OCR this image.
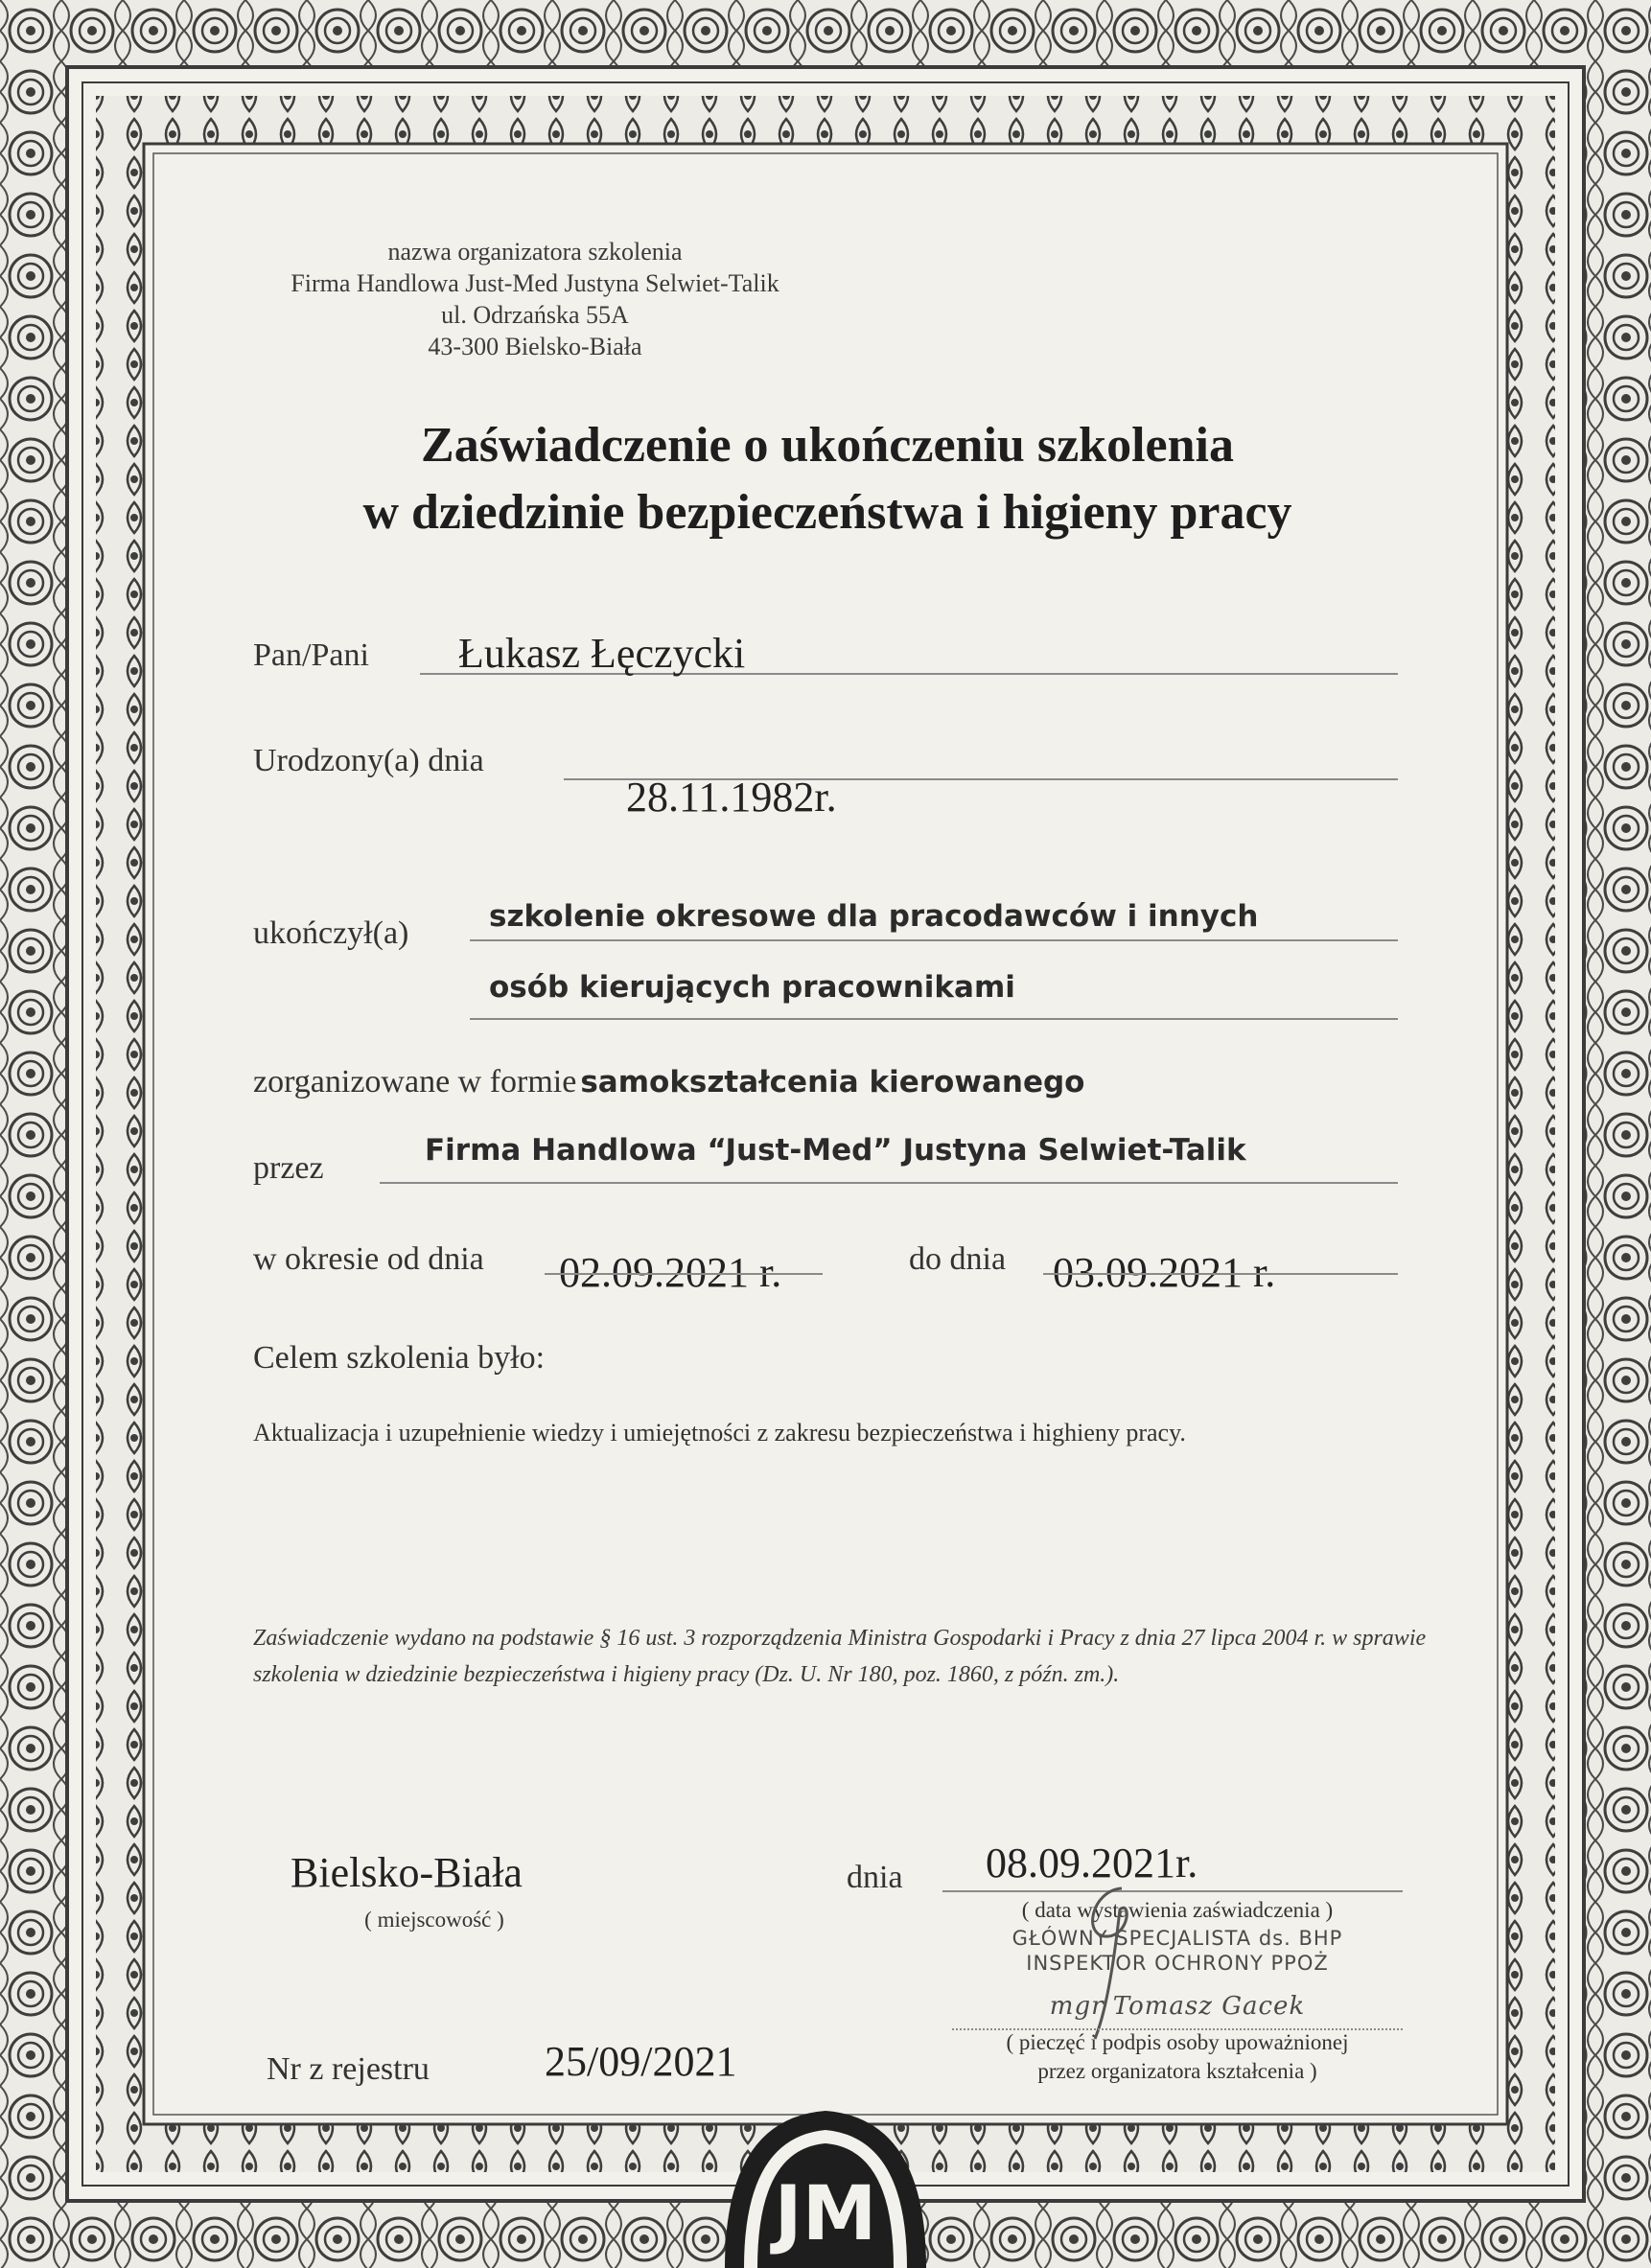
nazwa organizatora szkolenia
Firma Handlowa Just-Med Justyna Selwiet-Talik
ul. Odrzańska 55A
43-300 Bielsko-Biała
Zaświadczenie o ukończeniu szkolenia
w dziedzinie bezpieczeństwa i higieny pracy
Pan/Pani Łukasz Łęczycki
Urodzony(a) dnia
28.11.1982r.
ukończył(a)	szkolenie okresowe dla pracodawców i innych
osób kierujących pracownikami
zorganizowane w formie samokształcenia kierowanego
przez	Firma Handlowa “Just-Med” Justyna Selwiet-Talik
w okresie od dnia 02.09.2021 r.	do dnia 03.09.2021 r.
Celem szkolenia było:
Aktualizacja i uzupełnienie wiedzy i umiejętności z zakresu bezpieczeństwa i highieny pracy.
Zaświadczenie wydano na podstawie § 16 ust. 3 rozporządzenia Ministra Gospodarki i Pracy z dnia 27 lipca 2004 r. w sprawie szkolenia w dziedzinie bezpieczeństwa i higieny pracy (Dz. U. Nr 180, poz. 1860, z późn. zm.).
Bielsko-Biała
( miejscowość )
dnia 08.09.2021r.
( data wystawienia zaświadczenia )
GŁÓWNY SPECJALISTA ds. BHP
INSPEKTOR OCHRONY PPOŻ
mgr Tomasz Gacek
( pieczęć i podpis osoby upoważnionej
przez organizatora kształcenia )
Nr z rejestru	25/09/2021
JM
